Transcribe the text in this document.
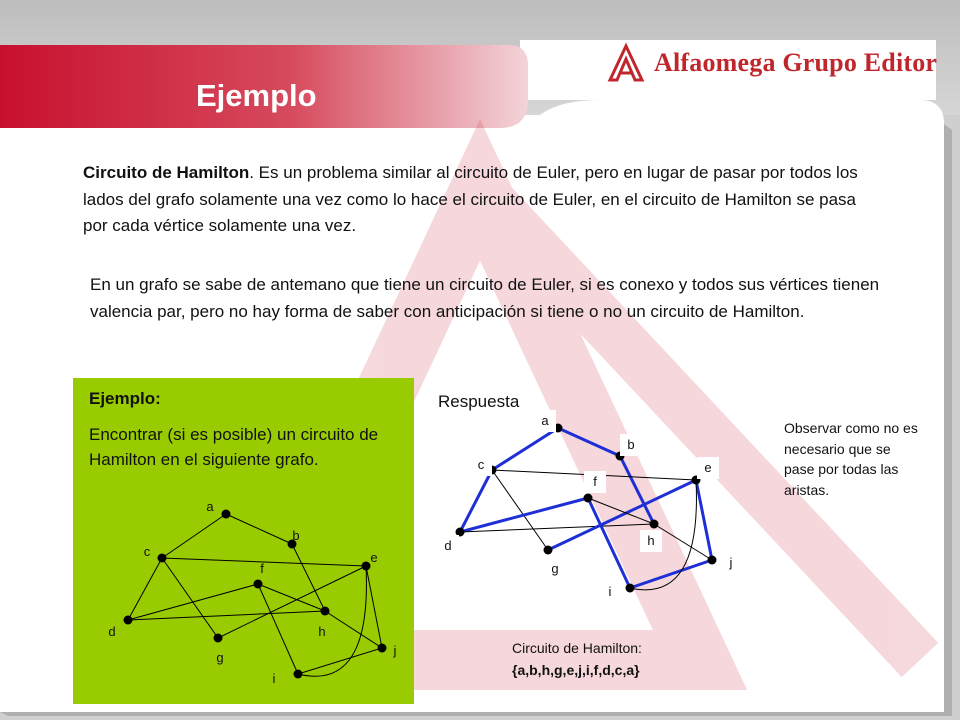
Alfaomega Grupo Editor
Ejemplo
Circuito de Hamilton. Es un problema similar al circuito de Euler, pero en lugar de pasar por todos los lados del grafo solamente una vez como lo hace el circuito de Euler, en el circuito de Hamilton se pasa por cada vértice solamente una vez.
En un grafo se sabe de antemano que tiene un circuito de Euler, si es conexo y todos sus vértices tienen valencia par, pero no hay forma de saber con anticipación si tiene o no un circuito de Hamilton.
Ejemplo:
Encontrar (si es posible) un circuito de Hamilton en el siguiente grafo.
Respuesta
Observar como no es necesario que se pase por todas las aristas.
Circuito de Hamilton:
{a,b,h,g,e,j,i,f,d,c,a}
a
b
c
d
e
f
g
h
i
j
a
b
c
d
e
f
g
h
i
j
